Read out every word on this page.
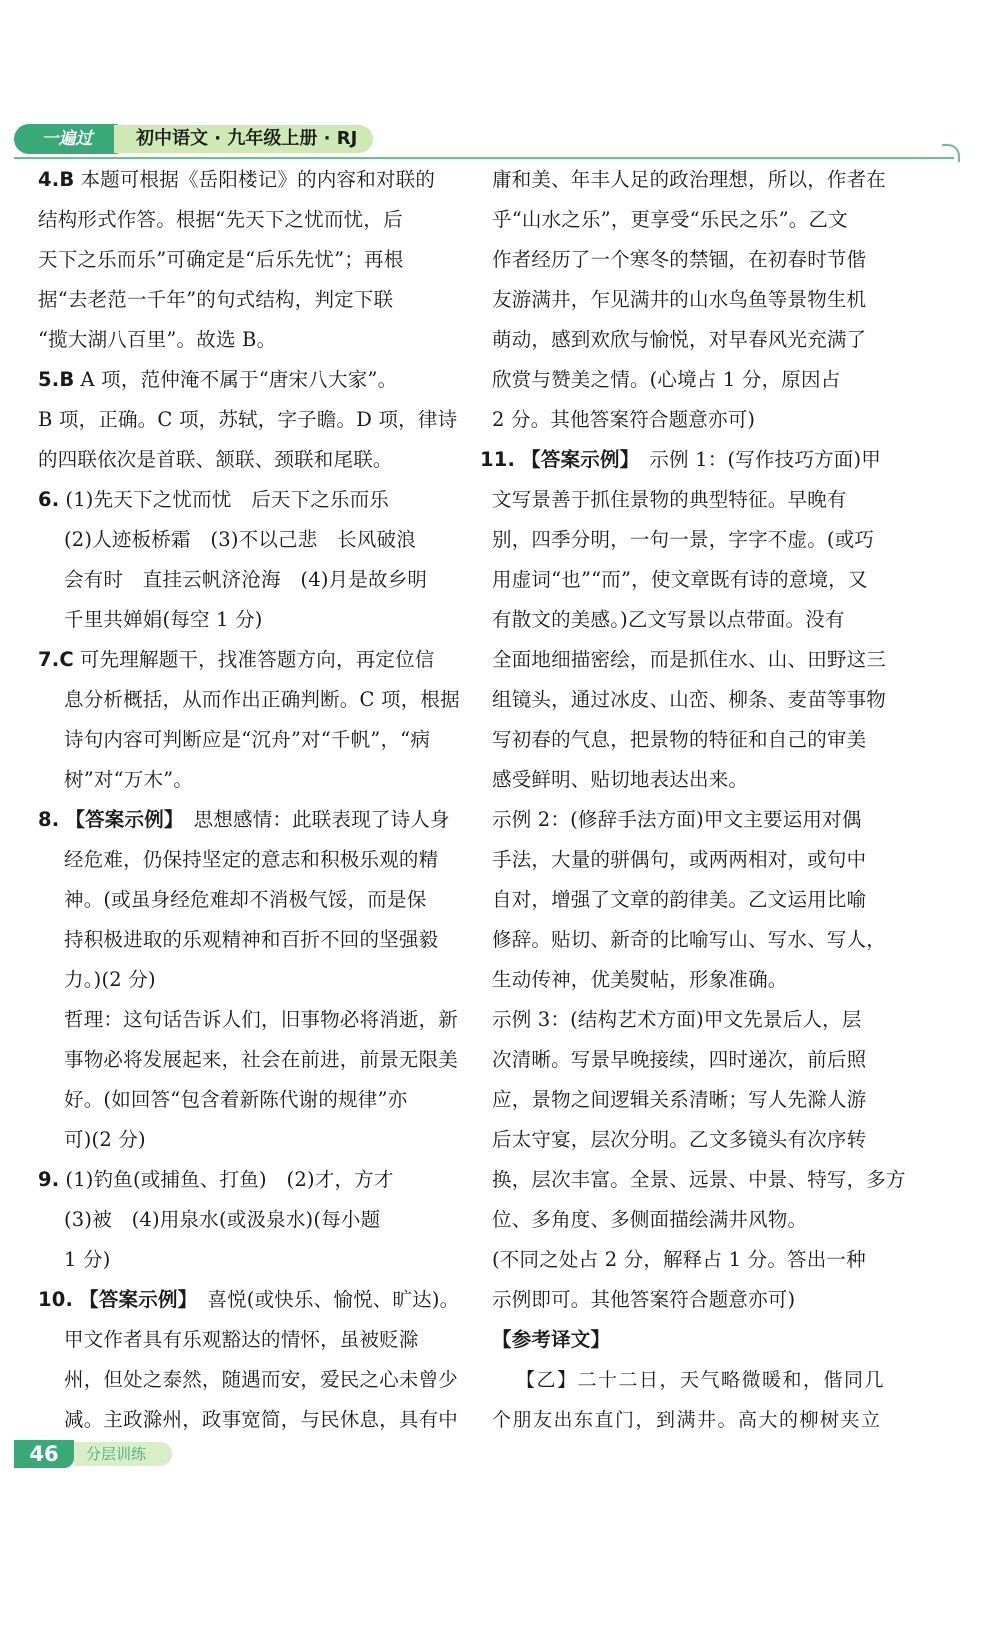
一遍过	初中语文 · 九年级上册 · RJ
4.B 本题可根据《岳阳楼记》的内容和对联的
结构形式作答。根据“先天下之忧而忧，后
天下之乐而乐”可确定是“后乐先忧”；再根
据“去老范一千年”的句式结构，判定下联
“揽大湖八百里”。故选 B。
5.B A 项，范仲淹不属于“唐宋八大家”。
B 项，正确。C 项，苏轼，字子瞻。D 项，律诗
的四联依次是首联、颔联、颈联和尾联。
6. (1)先天下之忧而忧　后天下之乐而乐
(2)人迹板桥霜　(3)不以己悲　长风破浪
会有时　直挂云帆济沧海　(4)月是故乡明
千里共婵娟(每空 1 分)
7.C 可先理解题干，找准答题方向，再定位信
息分析概括，从而作出正确判断。C 项，根据
诗句内容可判断应是“沉舟”对“千帆”，“病
树”对“万木”。
8. 【答案示例】 思想感情：此联表现了诗人身
经危难，仍保持坚定的意志和积极乐观的精
神。(或虽身经危难却不消极气馁，而是保
持积极进取的乐观精神和百折不回的坚强毅
力。)(2 分)
哲理：这句话告诉人们，旧事物必将消逝，新
事物必将发展起来，社会在前进，前景无限美
好。(如回答“包含着新陈代谢的规律”亦
可)(2 分)
9. (1)钓鱼(或捕鱼、打鱼)　(2)才，方才
(3)被　(4)用泉水(或汲泉水)(每小题
1 分)
10. 【答案示例】 喜悦(或快乐、愉悦、旷达)。
甲文作者具有乐观豁达的情怀，虽被贬滁
州，但处之泰然，随遇而安，爱民之心未曾少
减。主政滁州，政事宽简，与民休息，具有中
庸和美、年丰人足的政治理想，所以，作者在
乎“山水之乐”，更享受“乐民之乐”。乙文
作者经历了一个寒冬的禁锢，在初春时节偕
友游满井，乍见满井的山水鸟鱼等景物生机
萌动，感到欢欣与愉悦，对早春风光充满了
欣赏与赞美之情。(心境占 1 分，原因占
2 分。其他答案符合题意亦可)
11. 【答案示例】 示例 1：(写作技巧方面)甲
文写景善于抓住景物的典型特征。早晚有
别，四季分明，一句一景，字字不虚。(或巧
用虚词“也”“而”，使文章既有诗的意境，又
有散文的美感。)乙文写景以点带面。没有
全面地细描密绘，而是抓住水、山、田野这三
组镜头，通过冰皮、山峦、柳条、麦苗等事物
写初春的气息，把景物的特征和自己的审美
感受鲜明、贴切地表达出来。
示例 2：(修辞手法方面)甲文主要运用对偶
手法，大量的骈偶句，或两两相对，或句中
自对，增强了文章的韵律美。乙文运用比喻
修辞。贴切、新奇的比喻写山、写水、写人，
生动传神，优美熨帖，形象准确。
示例 3：(结构艺术方面)甲文先景后人，层
次清晰。写景早晚接续，四时递次，前后照
应，景物之间逻辑关系清晰；写人先滁人游
后太守宴，层次分明。乙文多镜头有次序转
换，层次丰富。全景、远景、中景、特写，多方
位、多角度、多侧面描绘满井风物。
(不同之处占 2 分，解释占 1 分。答出一种
示例即可。其他答案符合题意亦可)
【参考译文】
【乙】二十二日，天气略微暖和，偕同几
个朋友出东直门，到满井。高大的柳树夹立
46	分层训练
